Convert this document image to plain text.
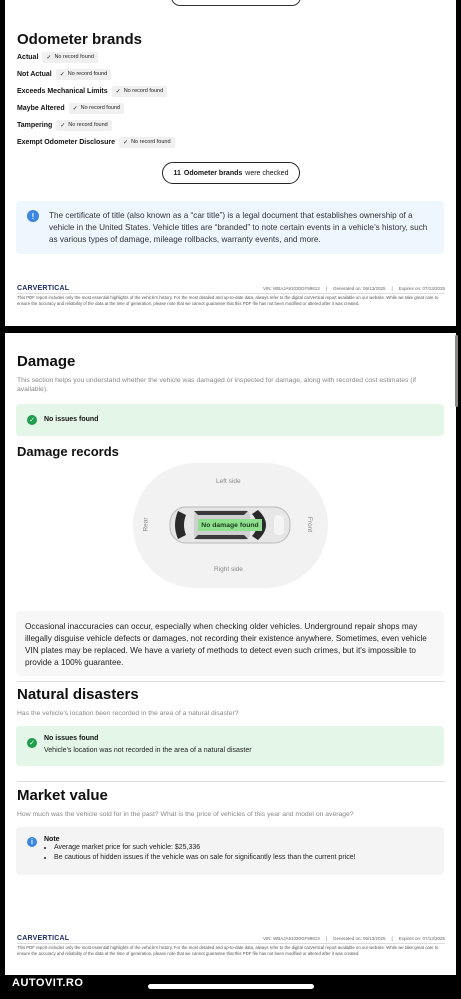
Odometer brands
Actual ✓ No record found
Not Actual ✓ No record found
Exceeds Mechanical Limits ✓ No record found
Maybe Altered ✓ No record found
Tampering ✓ No record found
Exempt Odometer Disclosure ✓ No record found
11 Odometer brands were checked
!	The certificate of title (also known as a “car title”) is a legal document that establishes ownership of a vehicle in the United States. Vehicle titles are “branded” to note certain events in a vehicle’s history, such as various types of damage, mileage rollbacks, warranty events, and more.
CARVERTICAL	VIN: WBAJA91030GF99813 | Generated on: 06/13/2025 | Expires on: 07/13/2025
This PDF report includes only the most essential highlights of the vehicle's history. For the most detailed and up-to-date data, always refer to the digital carVertical report available on our website. While we take great care to ensure the accuracy and reliability of the data at the time of generation, please note that we cannot guarantee that this PDF file has not been modified or altered after it was created.
Damage
This section helps you understand whether the vehicle was damaged or inspected for damage, along with recorded cost estimates (if available).
✓ No issues found
Damage records
Left side
Right side
Rear	Front
No damage found
Occasional inaccuracies can occur, especially when checking older vehicles. Underground repair shops may illegally disguise vehicle defects or damages, not recording their existence anywhere. Sometimes, even vehicle VIN plates may be replaced. We have a variety of methods to detect even such crimes, but it's impossible to provide a 100% guarantee.
Natural disasters
Has the vehicle's location been recorded in the area of a natural disaster?
✓
No issues found
Vehicle's location was not recorded in the area of a natural disaster
Market value
How much was the vehicle sold for in the past? What is the price of vehicles of this year and model on average?
i	Note
• Average market price for such vehicle: $25,336
• Be cautious of hidden issues if the vehicle was on sale for significantly less than the current price!
CARVERTICAL	VIN: WBAJA91030GF99813 | Generated on: 06/13/2025 | Expires on: 07/13/2025
This PDF report includes only the most essential highlights of the vehicle's history. For the most detailed and up-to-date data, always refer to the digital carVertical report available on our website. While we take great care to ensure the accuracy and reliability of the data at the time of generation, please note that we cannot guarantee that this PDF file has not been modified or altered after it was created.
AUTOVIT.RO
